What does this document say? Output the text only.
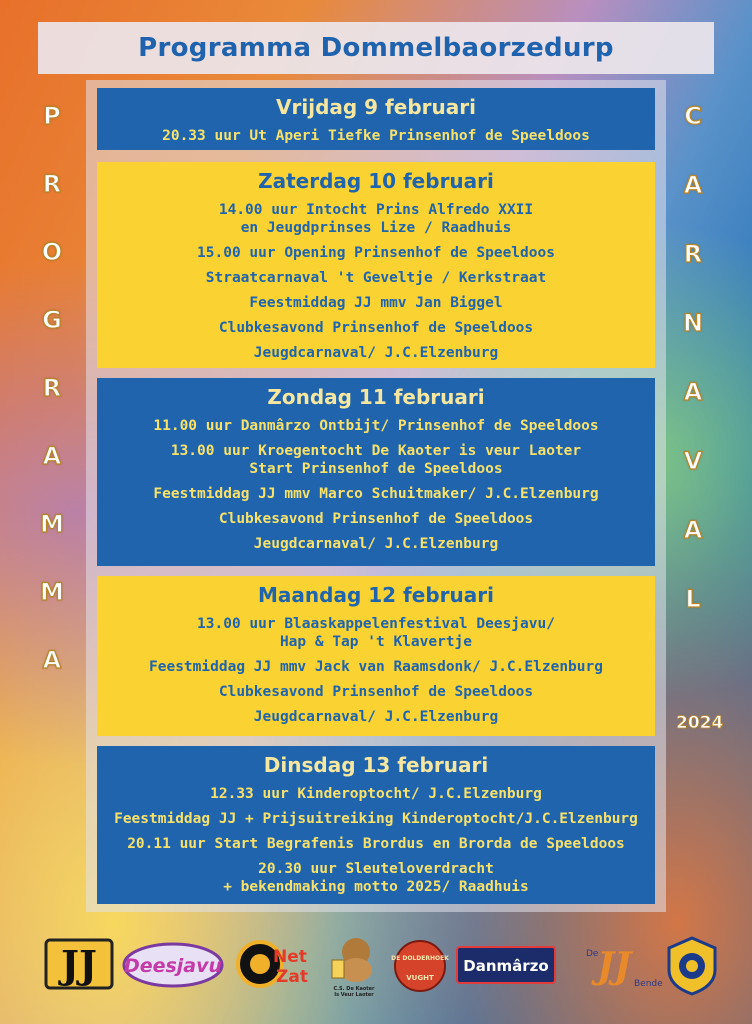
Programma Dommelbaorzedurp
Vrijdag 9 februari
20.33 uur Ut Aperi Tiefke Prinsenhof de Speeldoos
Zaterdag 10 februari
14.00 uur Intocht Prins Alfredo XXII
en Jeugdprinses Lize / Raadhuis
15.00 uur Opening Prinsenhof de Speeldoos
Straatcarnaval 't Geveltje / Kerkstraat
Feestmiddag JJ mmv Jan Biggel
Clubkesavond Prinsenhof de Speeldoos
Jeugdcarnaval/ J.C.Elzenburg
Zondag 11 februari
11.00 uur Danmârzo Ontbijt/ Prinsenhof de Speeldoos
13.00 uur Kroegentocht De Kaoter is veur Laoter
Start Prinsenhof de Speeldoos
Feestmiddag JJ mmv Marco Schuitmaker/ J.C.Elzenburg
Clubkesavond Prinsenhof de Speeldoos
Jeugdcarnaval/ J.C.Elzenburg
Maandag 12 februari
13.00 uur Blaaskappelenfestival Deesjavu/
Hap & Tap 't Klavertje
Feestmiddag JJ mmv Jack van Raamsdonk/ J.C.Elzenburg
Clubkesavond Prinsenhof de Speeldoos
Jeugdcarnaval/ J.C.Elzenburg
Dinsdag 13 februari
12.33 uur Kinderoptocht/ J.C.Elzenburg
Feestmiddag JJ + Prijsuitreiking Kinderoptocht/J.C.Elzenburg
20.11 uur Start Begrafenis Brordus en Brorda de Speeldoos
20.30 uur Sleuteloverdracht
+ bekendmaking motto 2025/ Raadhuis
P
R
O
G
R
A
M
M
A
C
A
R
N
A
V
A
L
2024
JJ Deesjavu	Net
Zat
C.S. De Kaoter
Is Veur Laoter
DE DOLDERHOEK
VUGHT
Danmârzo JJ
De
Bende
